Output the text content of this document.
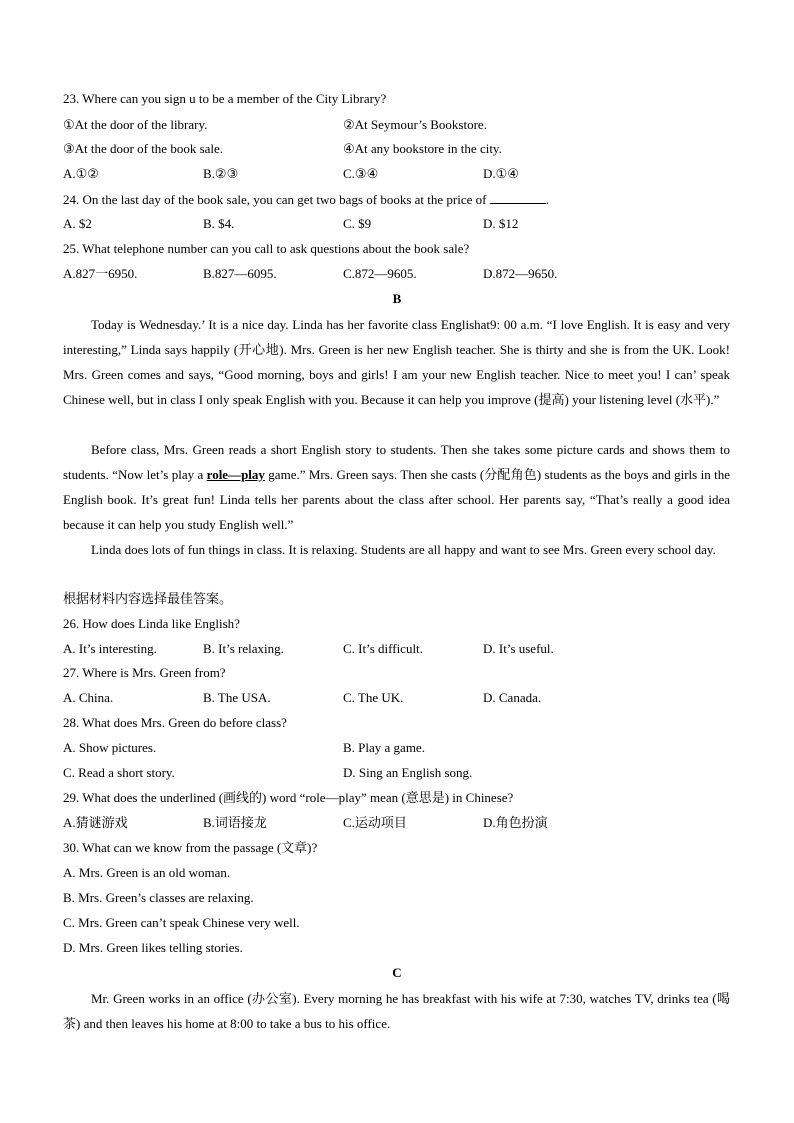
23. Where can you sign u to be a member of the City Library?
①At the door of the library.	②At Seymour’s Bookstore.
③At the door of the book sale.	④At any bookstore in the city.
A.①②	B.②③	C.③④	D.①④
24. On the last day of the book sale, you can get two bags of books at the price of	.
A. $2	B. $4.	C. $9	D. $12
25. What telephone number can you call to ask questions about the book sale?
A.827一6950.	B.827—6095.	C.872—9605.	D.872—9650.
B
Today is Wednesday.’ It is a nice day. Linda has her favorite class Englishat9: 00 a.m. “I love English. It is easy and very interesting,” Linda says happily (开心地). Mrs. Green is her new English teacher. She is thirty and she is from the UK. Look! Mrs. Green comes and says, “Good morning, boys and girls! I am your new English teacher. Nice to meet you! I can’ speak Chinese well, but in class I only speak English with you. Because it can help you improve (提高) your listening level (水平).”
Before class, Mrs. Green reads a short English story to students. Then she takes some picture cards and shows them to students. “Now let’s play a role—play game.” Mrs. Green says. Then she casts (分配角色) students as the boys and girls in the English book. It’s great fun! Linda tells her parents about the class after school. Her parents say, “That’s really a good idea because it can help you study English well.”
Linda does lots of fun things in class. It is relaxing. Students are all happy and want to see Mrs. Green every school day.
根据材料内容选择最佳答案。
26. How does Linda like English?
A. It’s interesting.	B. It’s relaxing.	C. It’s difficult.	D. It’s useful.
27. Where is Mrs. Green from?
A. China.	B. The USA.	C. The UK.	D. Canada.
28. What does Mrs. Green do before class?
A. Show pictures.	B. Play a game.
C. Read a short story.	D. Sing an English song.
29. What does the underlined (画线的) word “role—play” mean (意思是) in Chinese?
A.猜谜游戏	B.词语接龙	C.运动项目	D.角色扮演
30. What can we know from the passage (文章)?
A. Mrs. Green is an old woman.
B. Mrs. Green’s classes are relaxing.
C. Mrs. Green can’t speak Chinese very well.
D. Mrs. Green likes telling stories.
C
Mr. Green works in an office (办公室). Every morning he has breakfast with his wife at 7:30, watches TV, drinks tea (喝茶) and then leaves his home at 8:00 to take a bus to his office.
